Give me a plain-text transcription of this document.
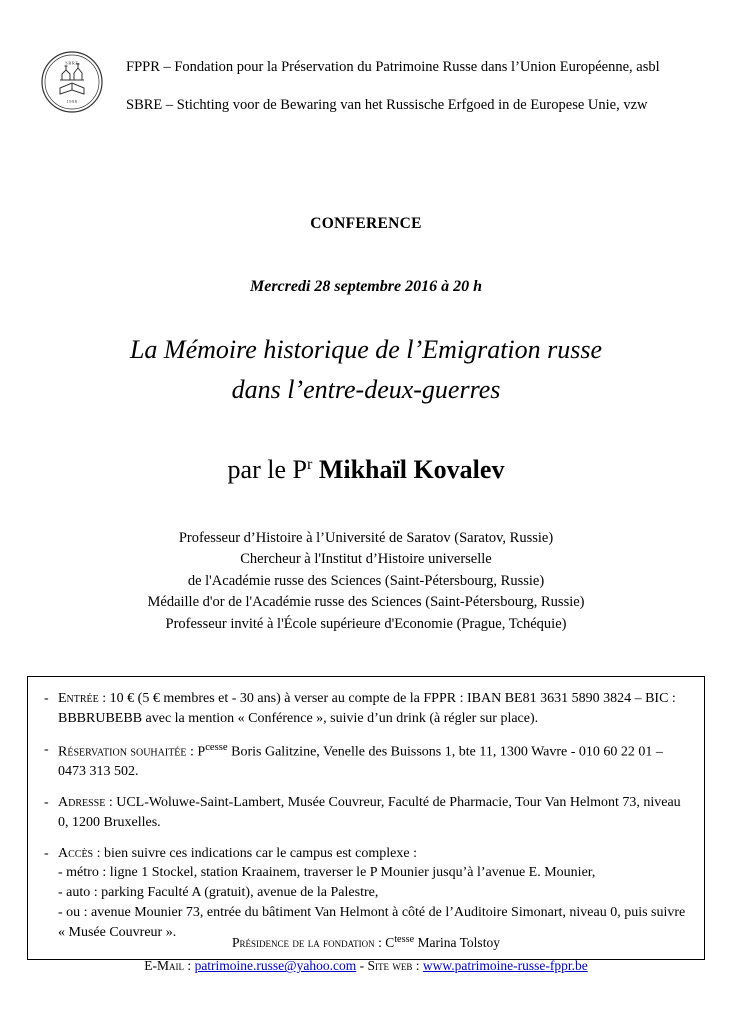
1998
SBRE	FPPR – Fondation pour la Préservation du Patrimoine Russe dans l’Union Européenne, asbl
SBRE – Stichting voor de Bewaring van het Russische Erfgoed in de Europese Unie, vzw
CONFERENCE
Mercredi 28 septembre 2016 à 20 h
La Mémoire historique de l’Emigration russe
dans l’entre-deux-guerres
par le $P^r$ Mikhaïl Kovalev
Professeur d’Histoire à l’Université de Saratov (Saratov, Russie)
Chercheur à l'Institut d’Histoire universelle
de l'Académie russe des Sciences (Saint-Pétersbourg, Russie)
Médaille d'or de l'Académie russe des Sciences (Saint-Pétersbourg, Russie)
Professeur invité à l'École supérieure d'Economie (Prague, Tchéquie)
- Entrée : 10 € (5 € membres et - 30 ans) à verser au compte de la FPPR : IBAN BE81 3631 5890 3824 – BIC : BBBRUBEBB avec la mention « Conférence », suivie d’un drink (à régler sur place).
- Réservation souhaitée : $P^{cesse}$ Boris Galitzine, Venelle des Buissons 1, bte 11, 1300 Wavre - 010 60 22 01 – 0473 313 502.
- Adresse : UCL-Woluwe-Saint-Lambert, Musée Couvreur, Faculté de Pharmacie, Tour Van Helmont 73, niveau 0, 1200 Bruxelles.
- Accès : bien suivre ces indications car le campus est complexe :
- métro : ligne 1 Stockel, station Kraainem, traverser le P Mounier jusqu’à l’avenue E. Mounier,
- auto : parking Faculté A (gratuit), avenue de la Palestre,
- ou : avenue Mounier 73, entrée du bâtiment Van Helmont à côté de l’Auditoire Simonart, niveau 0, puis suivre « Musée Couvreur ».
Présidence de la fondation : $C^{tesse}$ Marina Tolstoy
E-Mail : patrimoine.russe@yahoo.com - Site web : www.patrimoine-russe-fppr.be
